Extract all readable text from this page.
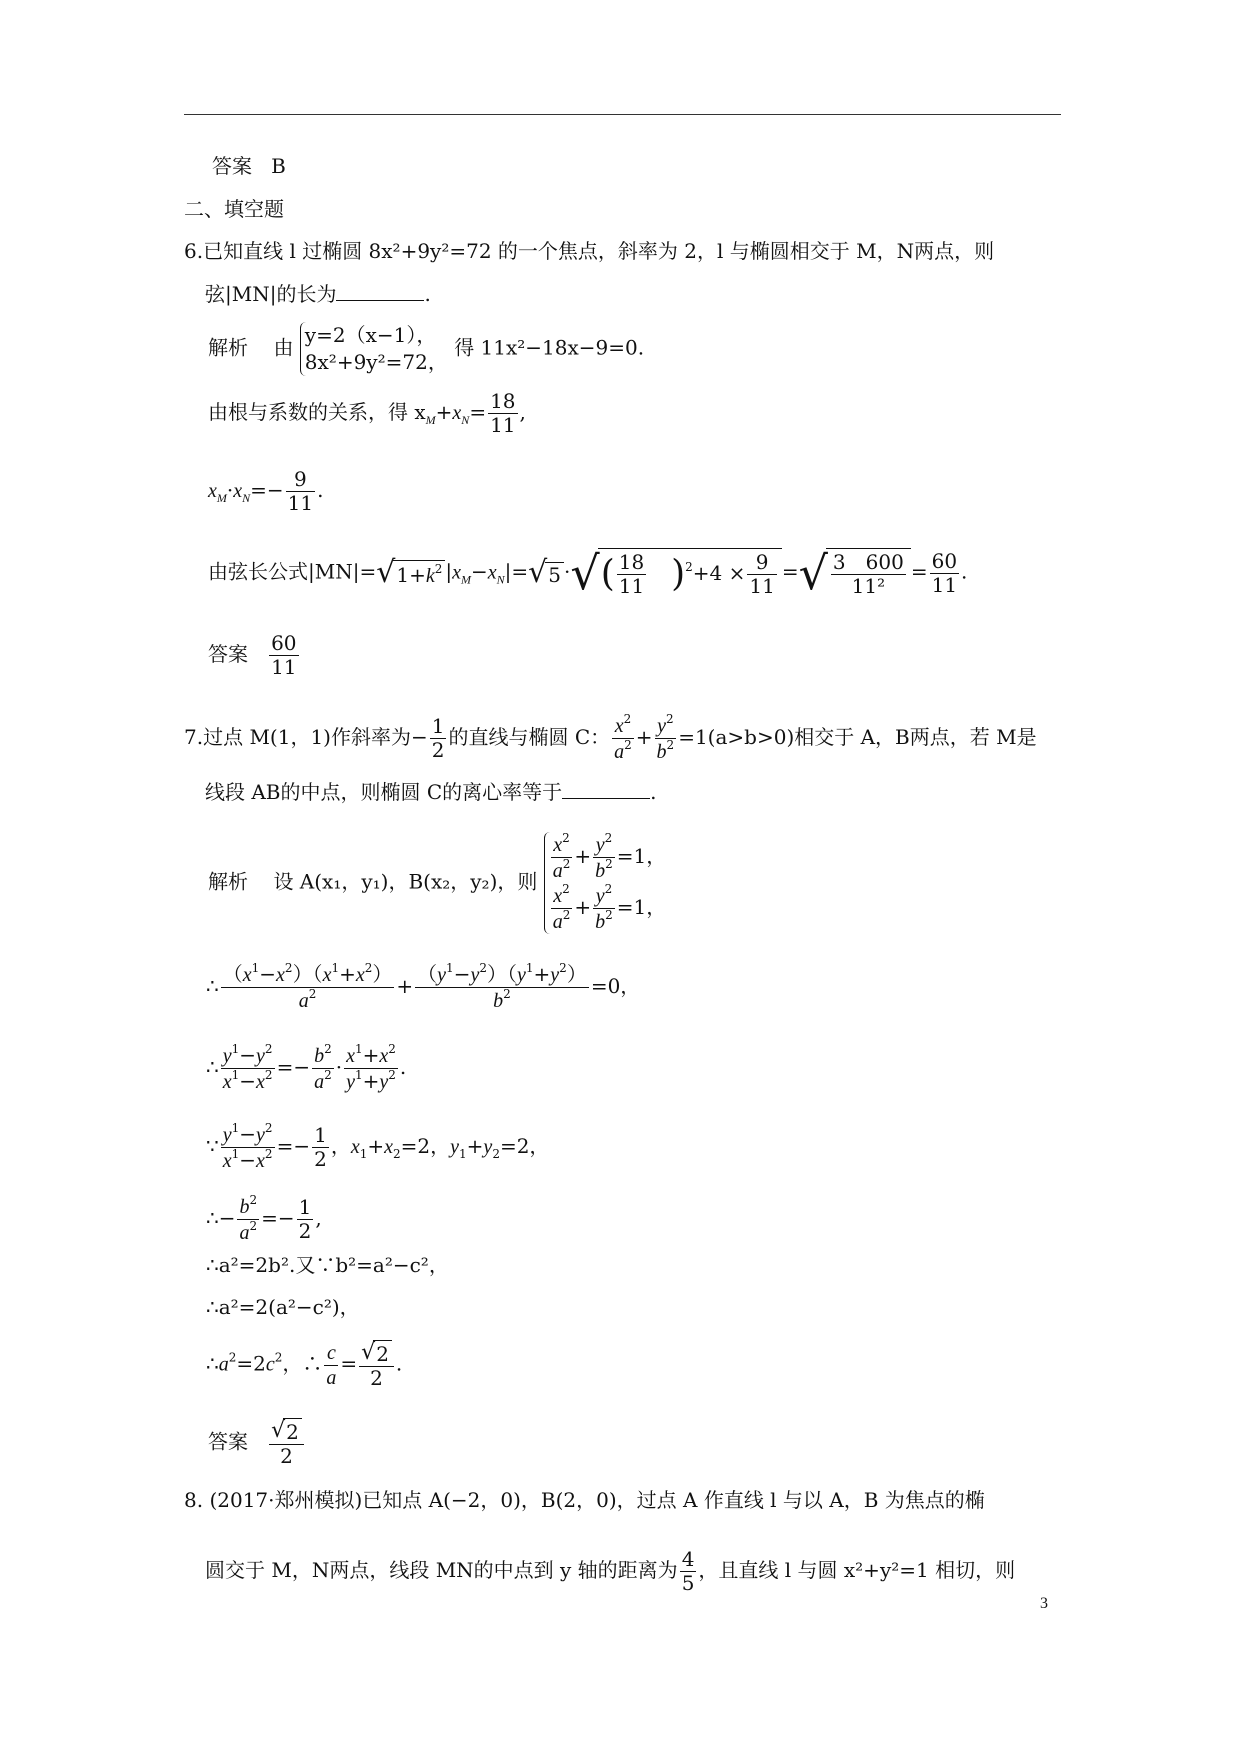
答案 B
二、填空题
6.已知直线 l 过椭圆 8x²+9y²=72 的一个焦点，斜率为 2，l 与椭圆相交于 M，N两点，则
弦|MN|的长为	.
解析 由
y=2（x−1），
8x²+9y²=72，
得 11x²−18x−9=0.
由根与系数的关系，得 $x_M+x_N= \frac{18}{11}$ ,
$x_M\cdot x_N=- \frac{9}{11}$ .
由弦长公式$|MN|=√1+k^2$ $|x_M-x_N|=√5$ ·√( $\frac{18}{11} )^2+4 \times \frac{9}{11}$ =√ $\frac{3 600}{\text{11²}} = \frac{60}{11}$ .
答案 $\frac{60}{11}$
7.过点 M(1，1)作斜率为− $\frac{1}{2}$ 的直线与椭圆 C： $\frac{x^2}{a^2} + \frac{y^2}{b^2} =1(a>b>0)$相交于 A，B两点，若 M是
线段 AB的中点，则椭圆 C的离心率等于	.
解析 设 A(x₁，y₁)，B(x₂，y₂)，则 $\frac{x^2}{a^2} + \frac{y^2}{b^2} =1$，
$\frac{x^2}{a^2} + \frac{y^2}{b^2} =1$，
∴ $\frac{(x^1-x^2)(x^1+x^2)}{a^2} + \frac{(y^1-y^2)(y^1+y^2)}{b^2} =0$，
∴ $\frac{y^1-y^2}{x^1-x^2} =- \frac{b^2}{a^2} \cdot \frac{x^1+x^2}{y^1+y^2}$ .
∵ $\frac{y^1-y^2}{x^1-x^2} =- \frac{1}{2}$ ，$x_1+x_2=2$，$y_1+y_2=2$，
∴− $\frac{b^2}{a^2} =- \frac{1}{2}$ ,
∴a²=2b².又∵b²=a²−c²，
∴a²=2(a²−c²)，
$\therefore a^2=2c^2$，∴ $\frac{c}{a} = \frac{√2}{2}$ .
答案 $\frac{√2}{2}$
8. (2017·郑州模拟)已知点 A(−2，0)，B(2，0)，过点 A 作直线 l 与以 A，B 为焦点的椭
圆交于 M，N两点，线段 MN的中点到 y 轴的距离为 $\frac{4}{5}$ ，且直线 l 与圆 x²+y²=1 相切，则
3
